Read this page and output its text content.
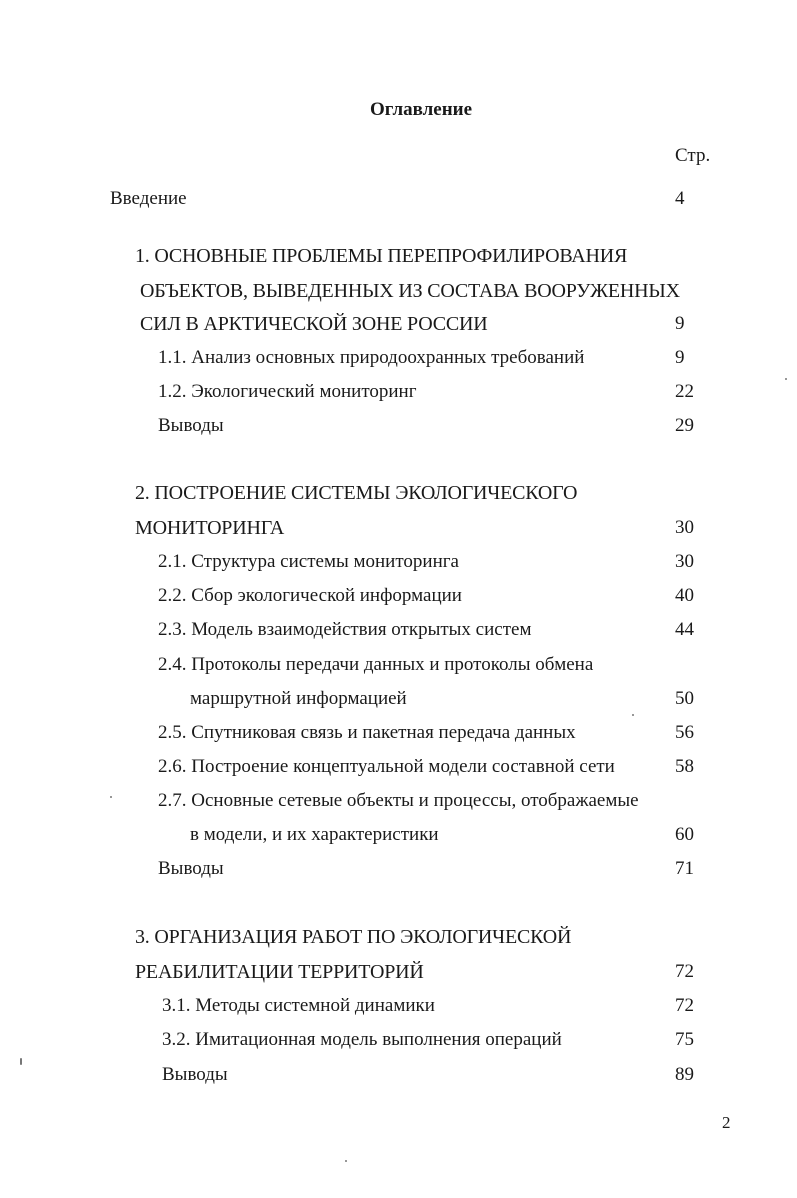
Оглавление
Стр.
Введение	4
1. ОСНОВНЫЕ ПРОБЛЕМЫ ПЕРЕПРОФИЛИРОВАНИЯ
ОБЪЕКТОВ, ВЫВЕДЕННЫХ ИЗ СОСТАВА ВООРУЖЕННЫХ
СИЛ В АРКТИЧЕСКОЙ ЗОНЕ РОССИИ	9
1.1. Анализ основных природоохранных требований	9
1.2. Экологический мониторинг	22
Выводы	29
2. ПОСТРОЕНИЕ СИСТЕМЫ ЭКОЛОГИЧЕСКОГО
МОНИТОРИНГА	30
2.1. Структура системы мониторинга	30
2.2. Сбор экологической информации	40
2.3. Модель взаимодействия открытых систем	44
2.4. Протоколы передачи данных и протоколы обмена
маршрутной информацией	50
2.5. Спутниковая связь и пакетная передача данных	56
2.6. Построение концептуальной модели составной сети	58
2.7. Основные сетевые объекты и процессы, отображаемые
в модели, и их характеристики	60
Выводы	71
3. ОРГАНИЗАЦИЯ РАБОТ ПО ЭКОЛОГИЧЕСКОЙ
РЕАБИЛИТАЦИИ ТЕРРИТОРИЙ	72
3.1. Методы системной динамики	72
3.2. Имитационная модель выполнения операций	75
Выводы	89
2
